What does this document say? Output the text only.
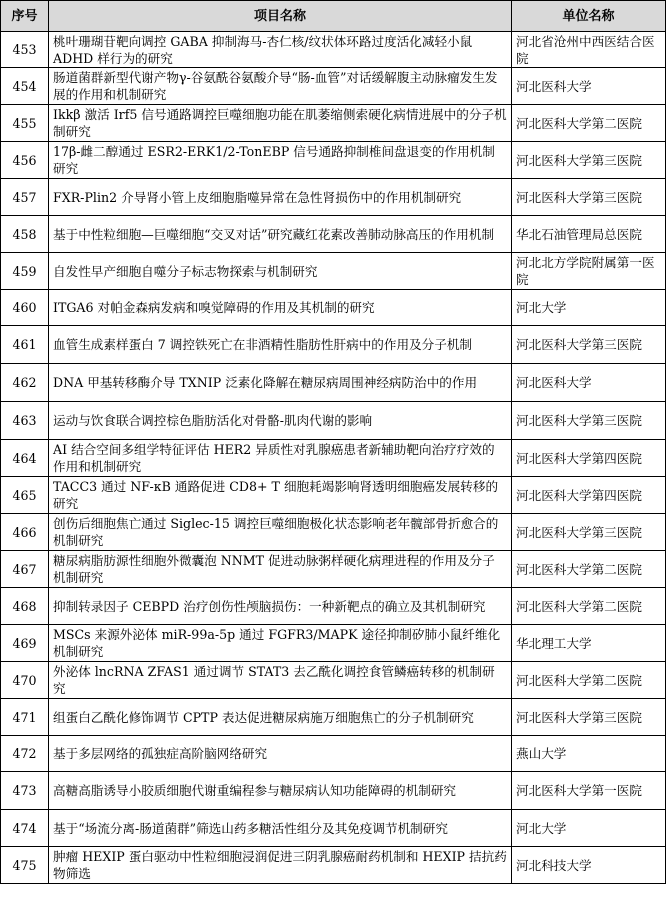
序号	项目名称	单位名称
453	桃叶珊瑚苷靶向调控 GABA 抑制海马-杏仁核/纹状体环路过度活化减轻小鼠 ADHD 样行为的研究	河北省沧州中西医结合医院
454	肠道菌群新型代谢产物γ-谷氨酰谷氨酸介导“肠-血管”对话缓解腹主动脉瘤发生发展的作用和机制研究	河北医科大学
455	Ikkβ 激活 Irf5 信号通路调控巨噬细胞功能在肌萎缩侧索硬化病情进展中的分子机制研究	河北医科大学第二医院
456	17β-雌二醇通过 ESR2-ERK1/2-TonEBP 信号通路抑制椎间盘退变的作用机制研究	河北医科大学第三医院
457	FXR-Plin2 介导肾小管上皮细胞脂噬异常在急性肾损伤中的作用机制研究	河北医科大学第三医院
458	基于中性粒细胞—巨噬细胞“交叉对话”研究藏红花素改善肺动脉高压的作用机制	华北石油管理局总医院
459	自发性早产细胞自噬分子标志物探索与机制研究	河北北方学院附属第一医院
460	ITGA6 对帕金森病发病和嗅觉障碍的作用及其机制的研究	河北大学
461	血管生成素样蛋白 7 调控铁死亡在非酒精性脂肪性肝病中的作用及分子机制	河北医科大学第三医院
462	DNA 甲基转移酶介导 TXNIP 泛素化降解在糖尿病周围神经病防治中的作用	河北医科大学
463	运动与饮食联合调控棕色脂肪活化对骨骼-肌肉代谢的影响	河北医科大学第三医院
464	AI 结合空间多组学特征评估 HER2 异质性对乳腺癌患者新辅助靶向治疗疗效的作用和机制研究	河北医科大学第四医院
465	TACC3 通过 NF-κB 通路促进 CD8+ T 细胞耗竭影响肾透明细胞癌发展转移的研究	河北医科大学第四医院
466	创伤后细胞焦亡通过 Siglec-15 调控巨噬细胞极化状态影响老年髋部骨折愈合的机制研究	河北医科大学第三医院
467	糖尿病脂肪源性细胞外微囊泡 NNMT 促进动脉粥样硬化病理进程的作用及分子机制研究	河北医科大学第二医院
468	抑制转录因子 CEBPD 治疗创伤性颅脑损伤：一种新靶点的确立及其机制研究	河北医科大学第二医院
469	MSCs 来源外泌体 miR-99a-5p 通过 FGFR3/MAPK 途径抑制矽肺小鼠纤维化机制研究	华北理工大学
470	外泌体 lncRNA ZFAS1 通过调节 STAT3 去乙酰化调控食管鳞癌转移的机制研究	河北医科大学第二医院
471	组蛋白乙酰化修饰调节 CPTP 表达促进糖尿病施万细胞焦亡的分子机制研究	河北医科大学第三医院
472	基于多层网络的孤独症高阶脑网络研究	燕山大学
473	高糖高脂诱导小胶质细胞代谢重编程参与糖尿病认知功能障碍的机制研究	河北医科大学第一医院
474	基于“场流分离-肠道菌群”筛选山药多糖活性组分及其免疫调节机制研究	河北大学
475	肿瘤 HEXIP 蛋白驱动中性粒细胞浸润促进三阴乳腺癌耐药机制和 HEXIP 拮抗药物筛选	河北科技大学
